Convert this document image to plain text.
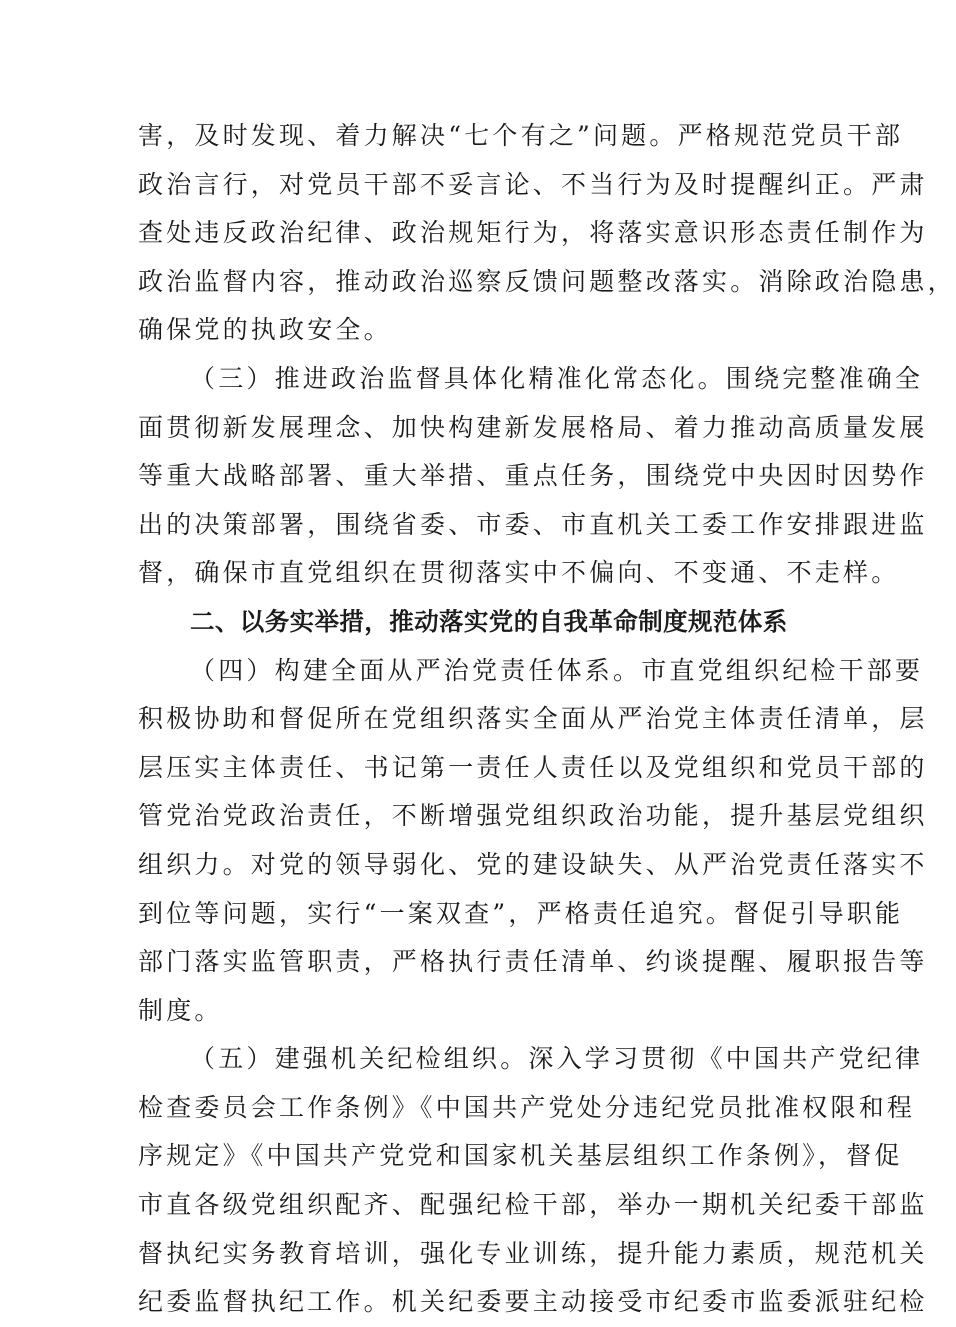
害，及时发现、着力解决“七个有之”问题。严格规范党员干部
政治言行，对党员干部不妥言论、不当行为及时提醒纠正。严肃
查处违反政治纪律、政治规矩行为，将落实意识形态责任制作为
政治监督内容，推动政治巡察反馈问题整改落实。消除政治隐患，
确保党的执政安全。
（三）推进政治监督具体化精准化常态化。围绕完整准确全
面贯彻新发展理念、加快构建新发展格局、着力推动高质量发展
等重大战略部署、重大举措、重点任务，围绕党中央因时因势作
出的决策部署，围绕省委、市委、市直机关工委工作安排跟进监
督，确保市直党组织在贯彻落实中不偏向、不变通、不走样。
二、以务实举措，推动落实党的自我革命制度规范体系
（四）构建全面从严治党责任体系。市直党组织纪检干部要
积极协助和督促所在党组织落实全面从严治党主体责任清单，层
层压实主体责任、书记第一责任人责任以及党组织和党员干部的
管党治党政治责任，不断增强党组织政治功能，提升基层党组织
组织力。对党的领导弱化、党的建设缺失、从严治党责任落实不
到位等问题，实行“一案双查”，严格责任追究。督促引导职能
部门落实监管职责，严格执行责任清单、约谈提醒、履职报告等
制度。
（五）建强机关纪检组织。深入学习贯彻《中国共产党纪律
检查委员会工作条例》《中国共产党处分违纪党员批准权限和程
序规定》《中国共产党党和国家机关基层组织工作条例》，督促
市直各级党组织配齐、配强纪检干部，举办一期机关纪委干部监
督执纪实务教育培训，强化专业训练，提升能力素质，规范机关
纪委监督执纪工作。机关纪委要主动接受市纪委市监委派驻纪检
